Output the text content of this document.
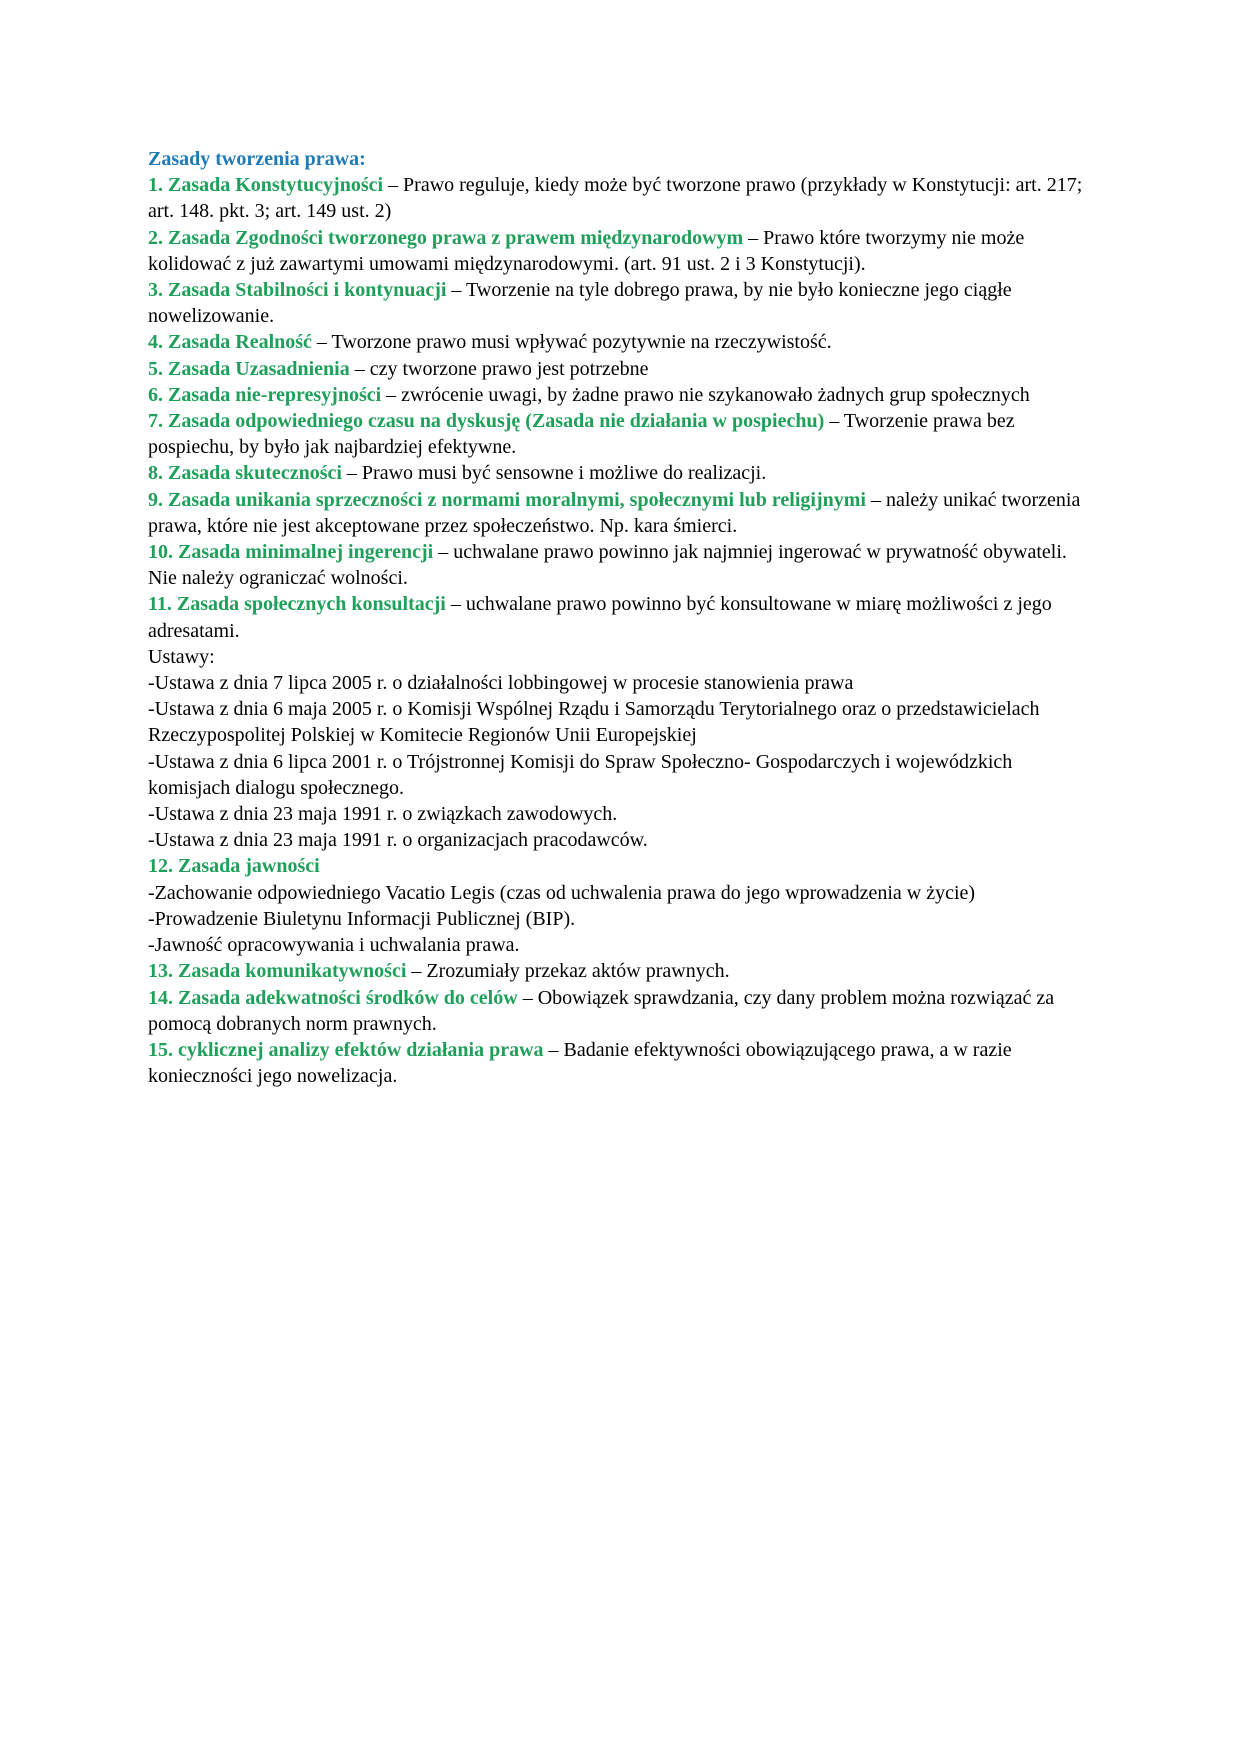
Zasady tworzenia prawa:

1. Zasada Konstytucyjności – Prawo reguluje, kiedy może być tworzone prawo (przykłady w Konstytucji: art. 217; art. 148. pkt. 3; art. 149 ust. 2)

2. Zasada Zgodności tworzonego prawa z prawem międzynarodowym – Prawo które tworzymy nie może kolidować z już zawartymi umowami międzynarodowymi. (art. 91 ust. 2 i 3 Konstytucji).

3. Zasada Stabilności i kontynuacji – Tworzenie na tyle dobrego prawa, by nie było konieczne jego ciągłe nowelizowanie.

4. Zasada Realność – Tworzone prawo musi wpływać pozytywnie na rzeczywistość.

5. Zasada Uzasadnienia – czy tworzone prawo jest potrzebne

6. Zasada nie-represyjności – zwrócenie uwagi, by żadne prawo nie szykanowało żadnych grup społecznych

7. Zasada odpowiedniego czasu na dyskusję (Zasada nie działania w pospiechu) – Tworzenie prawa bez pospiechu, by było jak najbardziej efektywne.

8. Zasada skuteczności – Prawo musi być sensowne i możliwe do realizacji.

9. Zasada unikania sprzeczności z normami moralnymi, społecznymi lub religijnymi – należy unikać tworzenia prawa, które nie jest akceptowane przez społeczeństwo. Np. kara śmierci.

10. Zasada minimalnej ingerencji – uchwalane prawo powinno jak najmniej ingerować w prywatność obywateli. Nie należy ograniczać wolności.

11. Zasada społecznych konsultacji – uchwalane prawo powinno być konsultowane w miarę możliwości z jego adresatami.

Ustawy:

-Ustawa z dnia 7 lipca 2005 r. o działalności lobbingowej w procesie stanowienia prawa

-Ustawa z dnia 6 maja 2005 r. o Komisji Wspólnej Rządu i Samorządu Terytorialnego oraz o przedstawicielach Rzeczypospolitej Polskiej w Komitecie Regionów Unii Europejskiej

-Ustawa z dnia 6 lipca 2001 r. o Trójstronnej Komisji do Spraw Społeczno- Gospodarczych i wojewódzkich komisjach dialogu społecznego.

-Ustawa z dnia 23 maja 1991 r. o związkach zawodowych.

-Ustawa z dnia 23 maja 1991 r. o organizacjach pracodawców.

12. Zasada jawności

-Zachowanie odpowiedniego Vacatio Legis (czas od uchwalenia prawa do jego wprowadzenia w życie)

-Prowadzenie Biuletynu Informacji Publicznej (BIP).

-Jawność opracowywania i uchwalania prawa.

13. Zasada komunikatywności – Zrozumiały przekaz aktów prawnych.

14. Zasada adekwatności środków do celów – Obowiązek sprawdzania, czy dany problem można rozwiązać za pomocą dobranych norm prawnych.

15. cyklicznej analizy efektów działania prawa – Badanie efektywności obowiązującego prawa, a w razie konieczności jego nowelizacja.
